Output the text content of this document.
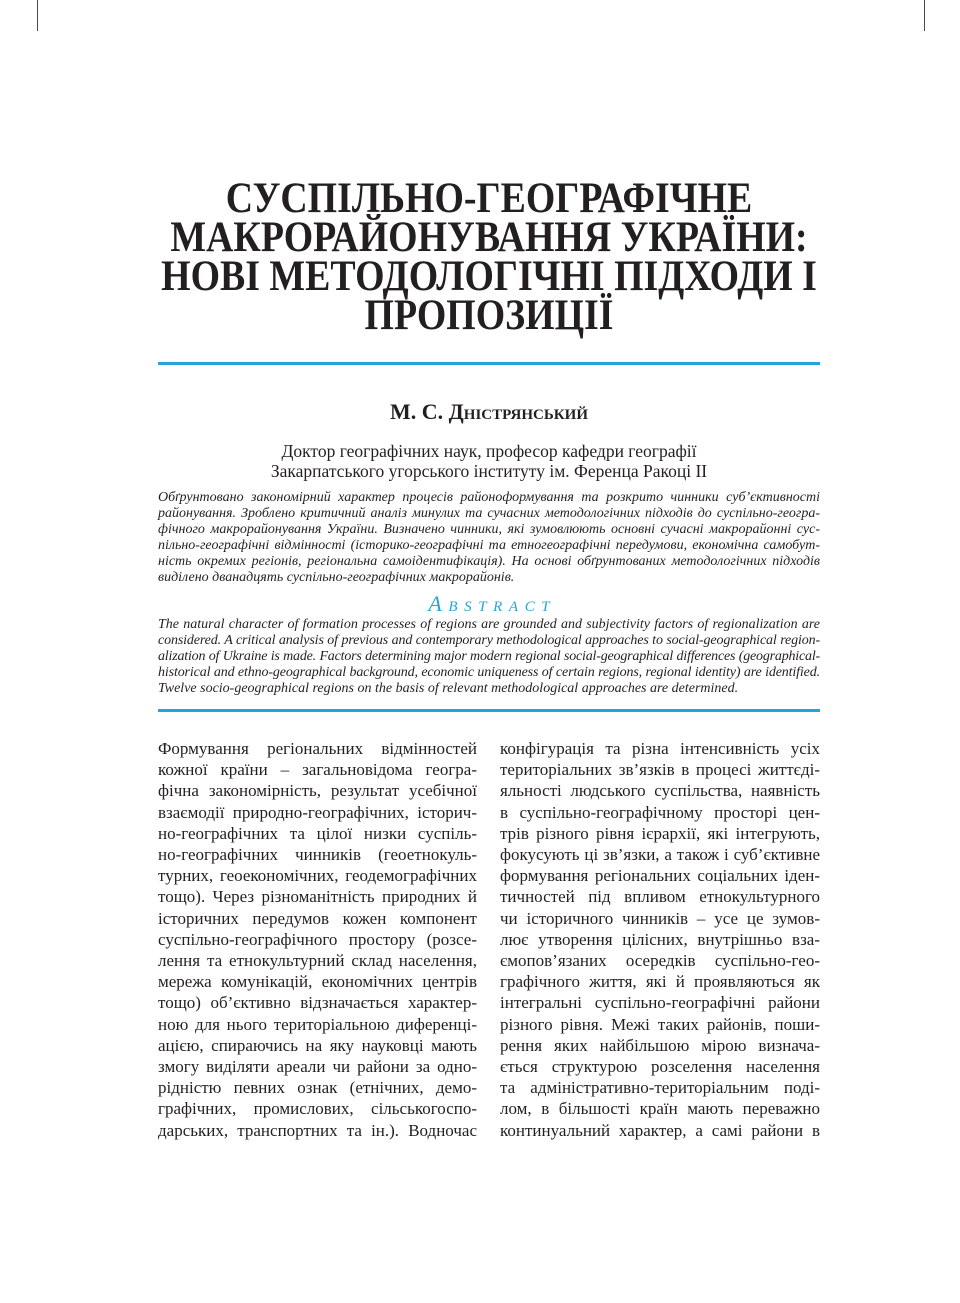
СУСПІЛЬНО-ГЕОГРАФІЧНЕ
МАКРОРАЙОНУВАННЯ УКРАЇНИ:
НОВІ МЕТОДОЛОГІЧНІ ПІДХОДИ І
ПРОПОЗИЦІЇ
М. С. Дністрянський
Доктор географічних наук, професор кафедри географії
Закарпатського угорського інституту ім. Ференца Ракоці ІІ
Обґрунтовано закономірний характер процесів районоформування та розкрито чинники суб’єктивності
районування. Зроблено критичний аналіз минулих та сучасних методологічних підходів до суспільно-геогра-
фічного макрорайонування України. Визначено чинники, які зумовлюють основні сучасні макрорайонні сус-
пільно-географічні відмінності (історико-географічні та етногеографічні передумови, економічна самобут-
ність окремих регіонів, регіональна самоідентифікація). На основі обґрунтованих методологічних підходів
виділено дванадцять суспільно-географічних макрорайонів.
Abstract
The natural character of formation processes of regions are grounded and subjectivity factors of regionalization are
considered. A critical analysis of previous and contemporary methodological approaches to social-geographical region-
alization of Ukraine is made. Factors determining major modern regional social-geographical differences (geographical-
historical and ethno-geographical background, economic uniqueness of certain regions, regional identity) are identified.
Twelve socio-geographical regions on the basis of relevant methodological approaches are determined.
Формування регіональних відмінностей
кожної країни – загальновідома геогра-
фічна закономірність, результат усебічної
взаємодії природно-географічних, історич-
но-географічних та цілої низки суспіль-
но-географічних чинників (геоетнокуль-
турних, геоекономічних, геодемографічних
тощо). Через різноманітність природних й
історичних передумов кожен компонент
суспільно-географічного простору (розсе-
лення та етнокультурний склад населення,
мережа комунікацій, економічних центрів
тощо) об’єктивно відзначається характер-
ною для нього територіальною диференці-
ацією, спираючись на яку науковці мають
змогу виділяти ареали чи райони за одно-
рідністю певних ознак (етнічних, демо-
графічних, промислових, сільськогоспо-
дарських, транспортних та ін.). Водночас
конфігурація та різна інтенсивність усіх
територіальних зв’язків в процесі життєді-
яльності людського суспільства, наявність
в суспільно-географічному просторі цен-
трів різного рівня ієрархії, які інтегрують,
фокусують ці зв’язки, а також і суб’єктивне
формування регіональних соціальних іден-
тичностей під впливом етнокультурного
чи історичного чинників – усе це зумов-
лює утворення цілісних, внутрішньо вза-
ємопов’язаних осередків суспільно-гео-
графічного життя, які й проявляються як
інтегральні суспільно-географічні райони
різного рівня. Межі таких районів, поши-
рення яких найбільшою мірою визнача-
ється структурою розселення населення
та адміністративно-територіальним поді-
лом, в більшості країн мають переважно
континуальний характер, а самі райони в
